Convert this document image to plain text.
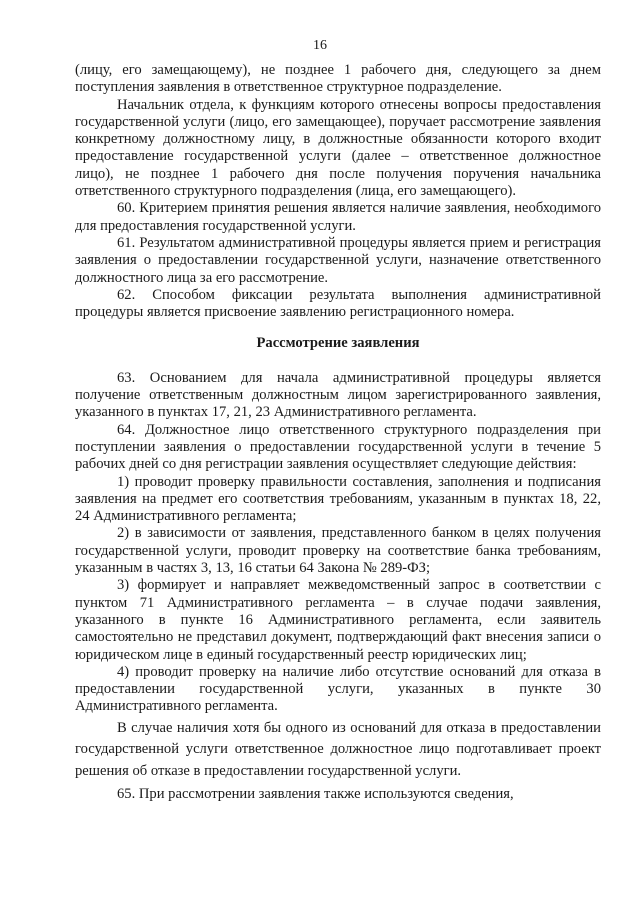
16

(лицу, его замещающему), не позднее 1 рабочего дня, следующего за днем поступления заявления в ответственное структурное подразделение.

Начальник отдела, к функциям которого отнесены вопросы предоставления государственной услуги (лицо, его замещающее), поручает рассмотрение заявления конкретному должностному лицу, в должностные обязанности которого входит предоставление государственной услуги (далее – ответственное должностное лицо), не позднее 1 рабочего дня после получения поручения начальника ответственного структурного подразделения (лица, его замещающего).

60. Критерием принятия решения является наличие заявления, необходимого для предоставления государственной услуги.

61. Результатом административной процедуры является прием и регистрация заявления о предоставлении государственной услуги, назначение ответственного должностного лица за его рассмотрение.

62. Способом фиксации результата выполнения административной процедуры является присвоение заявлению регистрационного номера.

Рассмотрение заявления

63. Основанием для начала административной процедуры является получение ответственным должностным лицом зарегистрированного заявления, указанного в пунктах 17, 21, 23 Административного регламента.

64. Должностное лицо ответственного структурного подразделения при поступлении заявления о предоставлении государственной услуги в течение 5 рабочих дней со дня регистрации заявления осуществляет следующие действия:

1) проводит проверку правильности составления, заполнения и подписания заявления на предмет его соответствия требованиям, указанным в пунктах 18, 22, 24 Административного регламента;

2) в зависимости от заявления, представленного банком в целях получения государственной услуги, проводит проверку на соответствие банка требованиям, указанным в частях 3, 13, 16 статьи 64 Закона № 289-ФЗ;

3) формирует и направляет межведомственный запрос в соответствии с пунктом 71 Административного регламента – в случае подачи заявления, указанного в пункте 16 Административного регламента, если заявитель самостоятельно не представил документ, подтверждающий факт внесения записи о юридическом лице в единый государственный реестр юридических лиц;

4) проводит проверку на наличие либо отсутствие оснований для отказа в предоставлении государственной услуги, указанных в пункте 30 Административного регламента.

В случае наличия хотя бы одного из оснований для отказа в предоставлении государственной услуги ответственное должностное лицо подготавливает проект решения об отказе в предоставлении государственной услуги.

65. При рассмотрении заявления также используются сведения,
